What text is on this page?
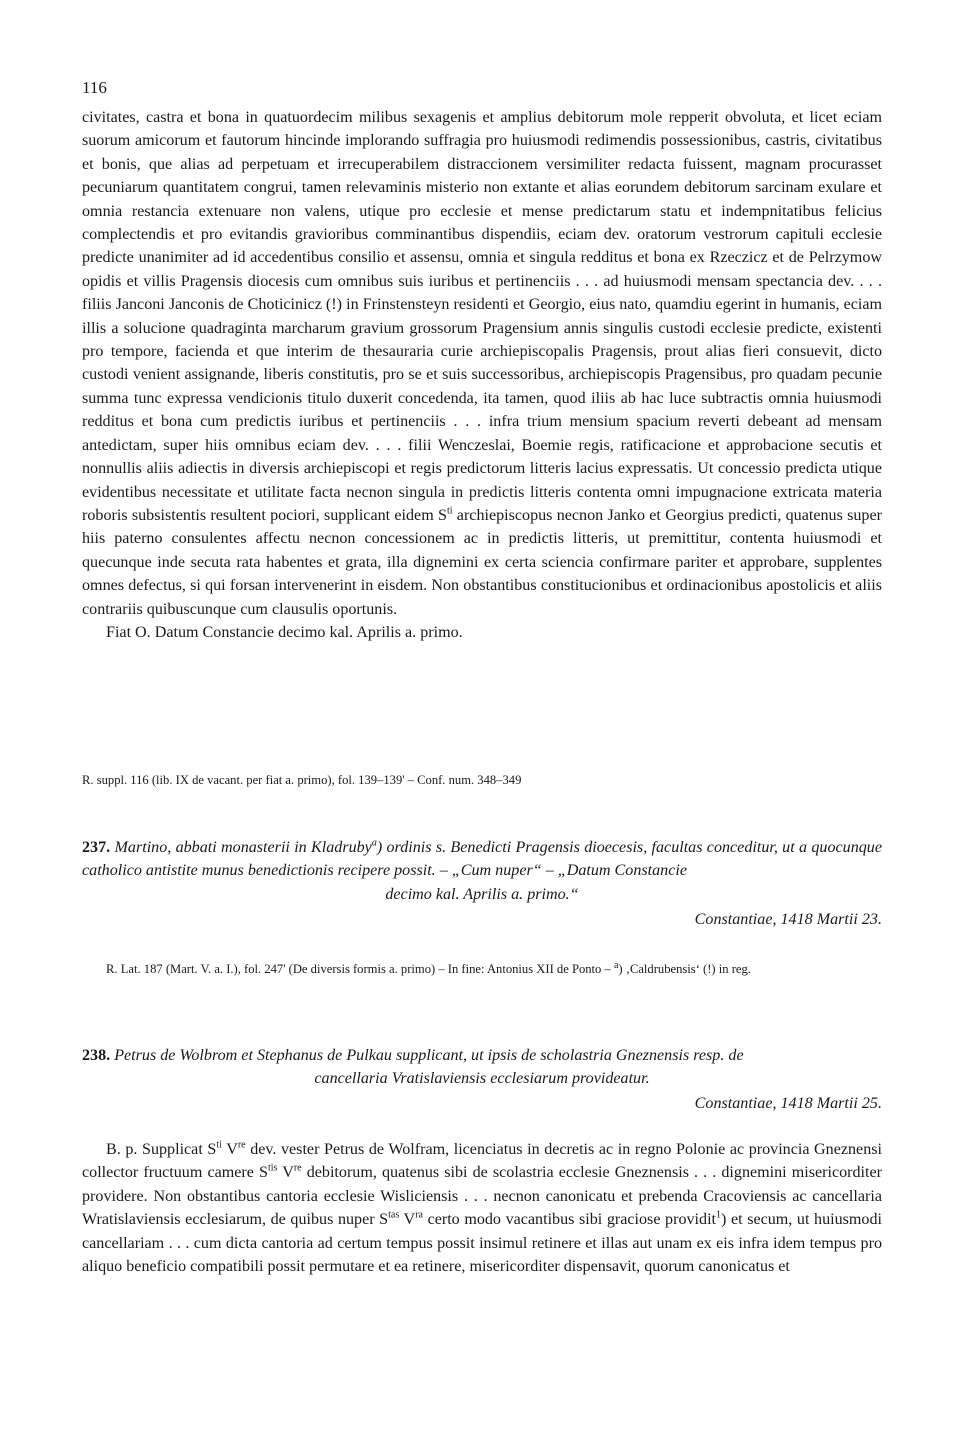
116

civitates, castra et bona in quatuordecim milibus sexagenis et amplius debitorum mole repperit obvoluta, et licet eciam suorum amicorum et fautorum hincinde implorando suffragia pro huiusmodi redimendis possessionibus, castris, civitatibus et bonis, que alias ad perpetuam et irrecuperabilem distraccionem versimiliter redacta fuissent, magnam procurasset pecuniarum quantitatem congrui, tamen relevaminis misterio non extante et alias eorundem debitorum sarcinam exulare et omnia restancia extenuare non valens, utique pro ecclesie et mense predictarum statu et indempnitatibus felicius complectendis et pro evitandis gravioribus comminantibus dispendiis, eciam dev. oratorum vestrorum capituli ecclesie predicte unanimiter ad id accedentibus consilio et assensu, omnia et singula redditus et bona ex Rzeczicz et de Pelrzymow opidis et villis Pragensis diocesis cum omnibus suis iuribus et pertinenciis . . . ad huiusmodi mensam spectancia dev. . . . filiis Janconi Janconis de Choticinicz (!) in Frinstensteyn residenti et Georgio, eius nato, quamdiu egerint in humanis, eciam illis a solucione quadraginta marcharum gravium grossorum Pragensium annis singulis custodi ecclesie predicte, existenti pro tempore, facienda et que interim de thesauraria curie archiepiscopalis Pragensis, prout alias fieri consuevit, dicto custodi venient assignande, liberis constitutis, pro se et suis successoribus, archiepiscopis Pragensibus, pro quadam pecunie summa tunc expressa vendicionis titulo duxerit concedenda, ita tamen, quod iliis ab hac luce subtractis omnia huiusmodi redditus et bona cum predictis iuribus et pertinenciis . . . infra trium mensium spacium reverti debeant ad mensam antedictam, super hiis omnibus eciam dev. . . . filii Wenczeslai, Boemie regis, ratificacione et approbacione secutis et nonnullis aliis adiectis in diversis archiepiscopi et regis predictorum litteris lacius expressatis. Ut concessio predicta utique evidentibus necessitate et utilitate facta necnon singula in predictis litteris contenta omni impugnacione extricata materia roboris subsistentis resultent pociori, supplicant eidem $S^{ti}$ archiepiscopus necnon Janko et Georgius predicti, quatenus super hiis paterno consulentes affectu necnon concessionem ac in predictis litteris, ut premittitur, contenta huiusmodi et quecunque inde secuta rata habentes et grata, illa dignemini ex certa sciencia confirmare pariter et approbare, supplentes omnes defectus, si qui forsan intervenerint in eisdem. Non obstantibus constitucionibus et ordinacionibus apostolicis et aliis contrariis quibuscunque cum clausulis oportunis.

Fiat O. Datum Constancie decimo kal. Aprilis a. primo.

R. suppl. 116 (lib. IX de vacant. per fiat a. primo), fol. 139–139' – Conf. num. 348–349
237. Martino, abbati monasterii in Kladruby$^a$) ordinis s. Benedicti Pragensis dioecesis, facultas conceditur, ut a quocunque catholico antistite munus benedictionis recipere possit. – „Cum nuper“ – „Datum Constancie
decimo kal. Aprilis a. primo.“
Constantiae, 1418 Martii 23.
R. Lat. 187 (Mart. V. a. I.), fol. 247' (De diversis formis a. primo) – In fine: Antonius XII de Ponto – $^a$) ‚Caldrubensis‘ (!) in reg.
238. Petrus de Wolbrom et Stephanus de Pulkau supplicant, ut ipsis de scholastria Gneznensis resp. de
cancellaria Vratislaviensis ecclesiarum provideatur.
Constantiae, 1418 Martii 25.

B. p. Supplicat $S^{ti}$ Vre dev. vester Petrus de Wolfram, licenciatus in decretis ac in regno Polonie ac provincia Gneznensi collector fructuum camere $S^{tis}$ Vre debitorum, quatenus sibi de scolastria ecclesie Gneznensis . . . dignemini misericorditer providere. Non obstantibus cantoria ecclesie Wisliciensis . . . necnon canonicatu et prebenda Cracoviensis ac cancellaria Wratislaviensis ecclesiarum, de quibus nuper $S^{tas}$ $V^{ra}$ certo modo vacantibus sibi graciose providit$^1$) et secum, ut huiusmodi cancellariam . . . cum dicta cantoria ad certum tempus possit insimul retinere et illas aut unam ex eis infra idem tempus pro aliquo beneficio compatibili possit permutare et ea retinere, misericorditer dispensavit, quorum canonicatus et
